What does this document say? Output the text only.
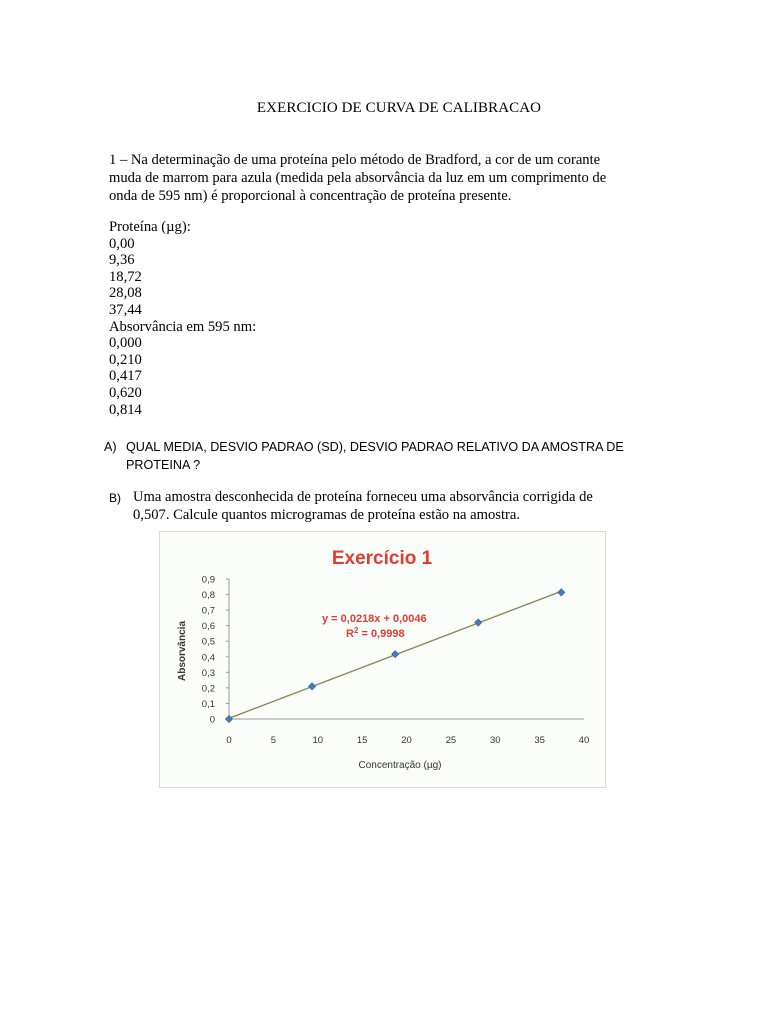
EXERCICIO DE CURVA DE CALIBRACAO
1 – Na determinação de uma proteína pelo método de Bradford, a cor de um corante
muda de marrom para azula (medida pela absorvância da luz em um comprimento de
onda de 595 nm) é proporcional à concentração de proteína presente.
Proteína (µg):
0,00
9,36
18,72
28,08
37,44
Absorvância em 595 nm:
0,000
0,210
0,417
0,620
0,814
A) QUAL MEDIA, DESVIO PADRAO (SD), DESVIO PADRAO RELATIVO DA AMOSTRA DE
PROTEINA ?
B) Uma amostra desconhecida de proteína forneceu uma absorvância corrigida de
0,507. Calcule quantos microgramas de proteína estão na amostra.
Exercício 1
y = 0,0218x + 0,0046
$R^2 = 0,9998$
Concentração (µg)
Absorvância
0
0,1
0,2
0,3
0,4
0,5
0,6
0,7
0,8
0,9
0	5	10	15	20	25	30	35	40
